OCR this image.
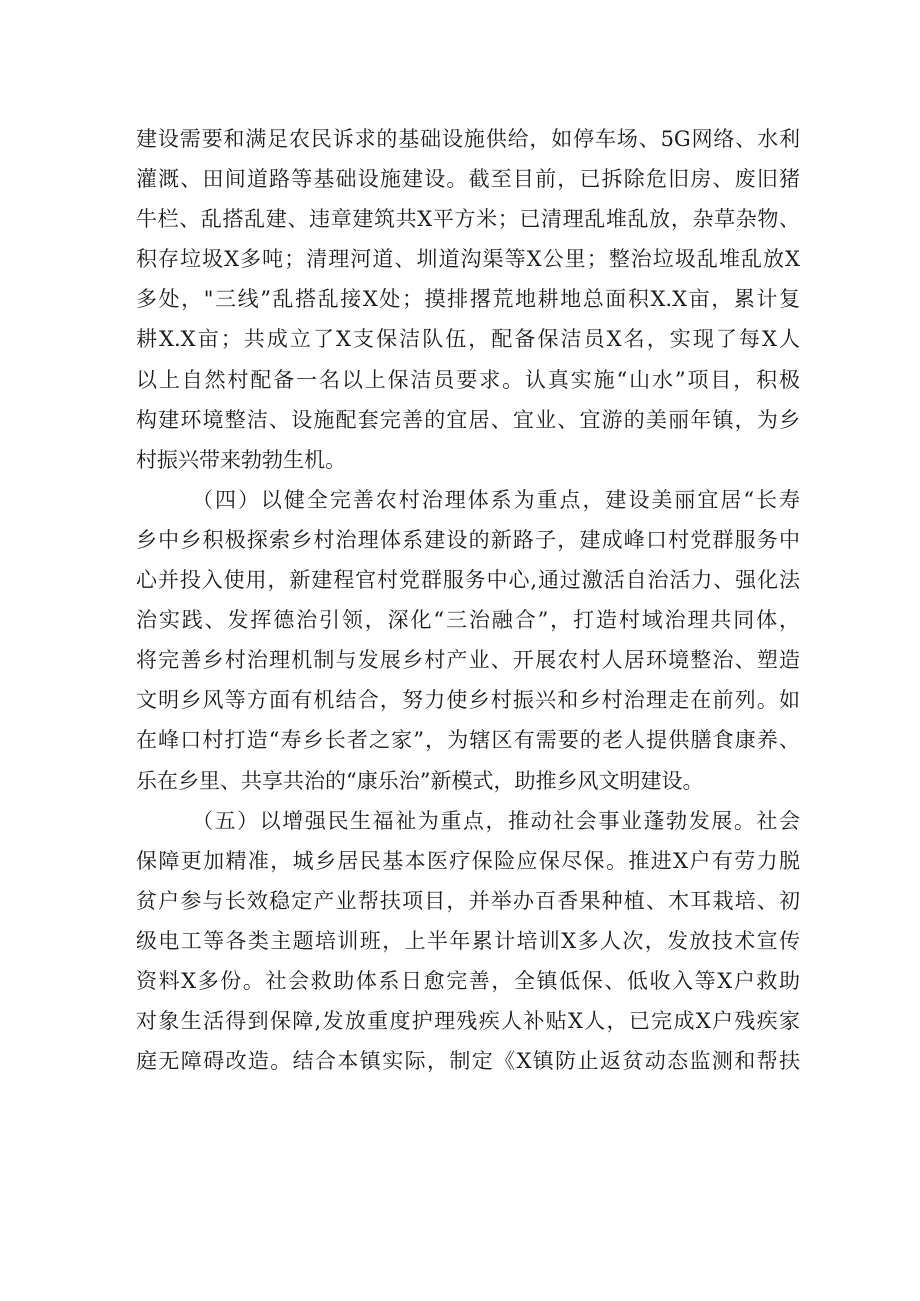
建设需要和满足农民诉求的基础设施供给，如停车场、5G网络、水利
灌溉、田间道路等基础设施建设。截至目前，已拆除危旧房、废旧猪
牛栏、乱搭乱建、违章建筑共X平方米；已清理乱堆乱放，杂草杂物、
积存垃圾X多吨；清理河道、圳道沟渠等X公里；整治垃圾乱堆乱放X
多处，"三线”乱搭乱接X处；摸排撂荒地耕地总面积X.X亩，累计复
耕X.X亩；共成立了X支保洁队伍，配备保洁员X名，实现了每X人
以上自然村配备一名以上保洁员要求。认真实施“山水”项目，积极
构建环境整洁、设施配套完善的宜居、宜业、宜游的美丽年镇，为乡
村振兴带来勃勃生机。
（四）以健全完善农村治理体系为重点，建设美丽宜居“长寿
乡中乡积极探索乡村治理体系建设的新路子，建成峰口村党群服务中
心并投入使用，新建程官村党群服务中心,通过激活自治活力、强化法
治实践、发挥德治引领，深化“三治融合”，打造村域治理共同体，
将完善乡村治理机制与发展乡村产业、开展农村人居环境整治、塑造
文明乡风等方面有机结合，努力使乡村振兴和乡村治理走在前列。如
在峰口村打造“寿乡长者之家”，为辖区有需要的老人提供膳食康养、
乐在乡里、共享共治的“康乐治”新模式，助推乡风文明建设。
（五）以增强民生福祉为重点，推动社会事业蓬勃发展。社会
保障更加精准，城乡居民基本医疗保险应保尽保。推进X户有劳力脱
贫户参与长效稳定产业帮扶项目，并举办百香果种植、木耳栽培、初
级电工等各类主题培训班，上半年累计培训X多人次，发放技术宣传
资料X多份。社会救助体系日愈完善，全镇低保、低收入等X户救助
对象生活得到保障,发放重度护理残疾人补贴X人，已完成X户残疾家
庭无障碍改造。结合本镇实际，制定《X镇防止返贫动态监测和帮扶
